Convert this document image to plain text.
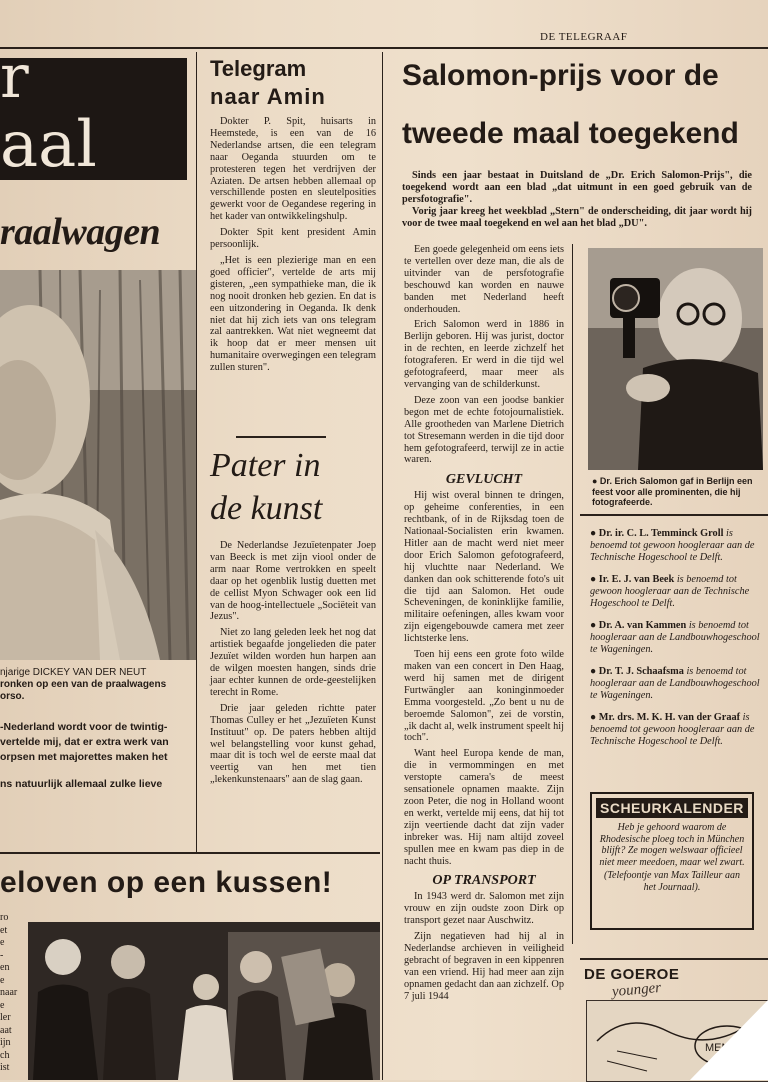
DE TELEGRAAF
r
aal
raalwagen
njarige DICKEY VAN DER NEUT
ronken op een van de praalwagens
orso.
-Nederland wordt voor de twintig-
vertelde mij, dat er extra werk van
orpsen met majorettes maken het
ns natuurlijk allemaal zulke lieve
eloven op een kussen!
ro
et
e
-
en
e
naar
e
ler
aat
ijn
ch
ist
Telegram
naar Amin

Dokter P. Spit, huisarts in Heemstede, is een van de 16 Nederlandse artsen, die een telegram naar Oeganda stuurden om te protesteren tegen het verdrijven der Aziaten. De artsen hebben allemaal op verschillende posten en sleutelposities gewerkt voor de Oegandese regering in het kader van ontwikkelingshulp.

Dokter Spit kent president Amin persoonlijk.

„Het is een plezierige man en een goed officier", vertelde de arts mij gisteren, „een sympathieke man, die ik nog nooit dronken heb gezien. En dat is een uitzondering in Oeganda. Ik denk niet dat hij zich iets van ons telegram zal aantrekken. Wat niet wegneemt dat ik hoop dat er meer mensen uit humanitaire overwegingen een telegram zullen sturen".

Pater in
de kunst

De Nederlandse Jezuïetenpater Joep van Beeck is met zijn viool onder de arm naar Rome vertrokken en speelt daar op het ogenblik lustig duetten met de cellist Myon Schwager ook een lid van de hoog-intellectuele „Sociëteit van Jezus".

Niet zo lang geleden leek het nog dat artistiek begaafde jongelieden die pater Jezuïet wilden worden hun harpen aan de wilgen moesten hangen, sinds drie jaar echter kunnen de orde-geestelijken terecht in Rome.

Drie jaar geleden richtte pater Thomas Culley er het „Jezuïeten Kunst Instituut" op. De paters hebben altijd wel belangstelling voor kunst gehad, maar dit is toch wel de eerste maal dat veertig van hen met tien „lekenkunstenaars" aan de slag gaan.

Salomon-prijs voor de
tweede maal toegekend

Sinds een jaar bestaat in Duitsland de „Dr. Erich Salomon-Prijs", die toegekend wordt aan een blad „dat uitmunt in een goed gebruik van de persfotografie".

Vorig jaar kreeg het weekblad „Stern" de onderscheiding, dit jaar wordt hij voor de twee maal toegekend en wel aan het blad „DU".

Een goede gelegenheid om eens iets te vertellen over deze man, die als de uitvinder van de persfotografie beschouwd kan worden en nauwe banden met Nederland heeft onderhouden.

Erich Salomon werd in 1886 in Berlijn geboren. Hij was jurist, doctor in de rechten, en leerde zichzelf het fotograferen. Er werd in die tijd wel gefotografeerd, maar meer als vervanging van de schilderkunst.

Deze zoon van een joodse bankier begon met de echte fotojournalistiek. Alle grootheden van Marlene Dietrich tot Stresemann werden in die tijd door hem gefotografeerd, terwijl ze in actie waren.

GEVLUCHT

Hij wist overal binnen te dringen, op geheime conferenties, in een rechtbank, of in de Rijksdag toen de Nationaal-Socialisten erin kwamen. Hitler aan de macht werd niet meer door Erich Salomon gefotografeerd, hij vluchtte naar Nederland. We danken dan ook schitterende foto's uit die tijd aan Salomon. Het oude Scheveningen, de koninklijke familie, militaire oefeningen, alles kwam voor zijn eigengebouwde camera met zeer lichtsterke lens.

Toen hij eens een grote foto wilde maken van een concert in Den Haag, werd hij samen met de dirigent Furtwängler aan koninginmoeder Emma voorgesteld. „Zo bent u nu de beroemde Salomon", zei de vorstin, „ik dacht al, welk instrument speelt hij toch".

Want heel Europa kende de man, die in vermommingen en met verstopte camera's de meest sensationele opnamen maakte. Zijn zoon Peter, die nog in Holland woont en werkt, vertelde mij eens, dat hij tot zijn veertiende dacht dat zijn vader inbreker was. Hij nam altijd zoveel spullen mee en kwam pas diep in de nacht thuis.

OP TRANSPORT

In 1943 werd dr. Salomon met zijn vrouw en zijn oudste zoon Dirk op transport gezet naar Auschwitz.

Zijn negatieven had hij al in Nederlandse archieven in veiligheid gebracht of begraven in een kippenren van een vriend. Hij had meer aan zijn opnamen gedacht dan aan zichzelf. Op 7 juli 1944	younger
● Dr. Erich Salomon gaf in Berlijn een feest voor alle prominenten, die hij fotografeerde.

● Dr. ir. C. L. Temminck Groll is benoemd tot gewoon hoogleraar aan de Technische Hogeschool te Delft.

● Ir. E. J. van Beek is benoemd tot gewoon hoogleraar aan de Technische Hogeschool te Delft.

● Dr. A. van Kammen is benoemd tot hoogleraar aan de Landbouwhogeschool te Wageningen.

● Dr. T. J. Schaafsma is benoemd tot hoogleraar aan de Landbouwhogeschool te Wageningen.

● Mr. drs. M. K. H. van der Graaf is benoemd tot gewoon hoogleraar aan de Technische Hogeschool te Delft.

SCHEURKALENDER
Heb je gehoord waarom de Rhodesische ploeg toch in München blijft? Ze mogen welswaar officieel niet meer meedoen, maar wel zwart.
(Telefoontje van Max Tailleur aan het Journaal).
DE GOEROE
MEN
